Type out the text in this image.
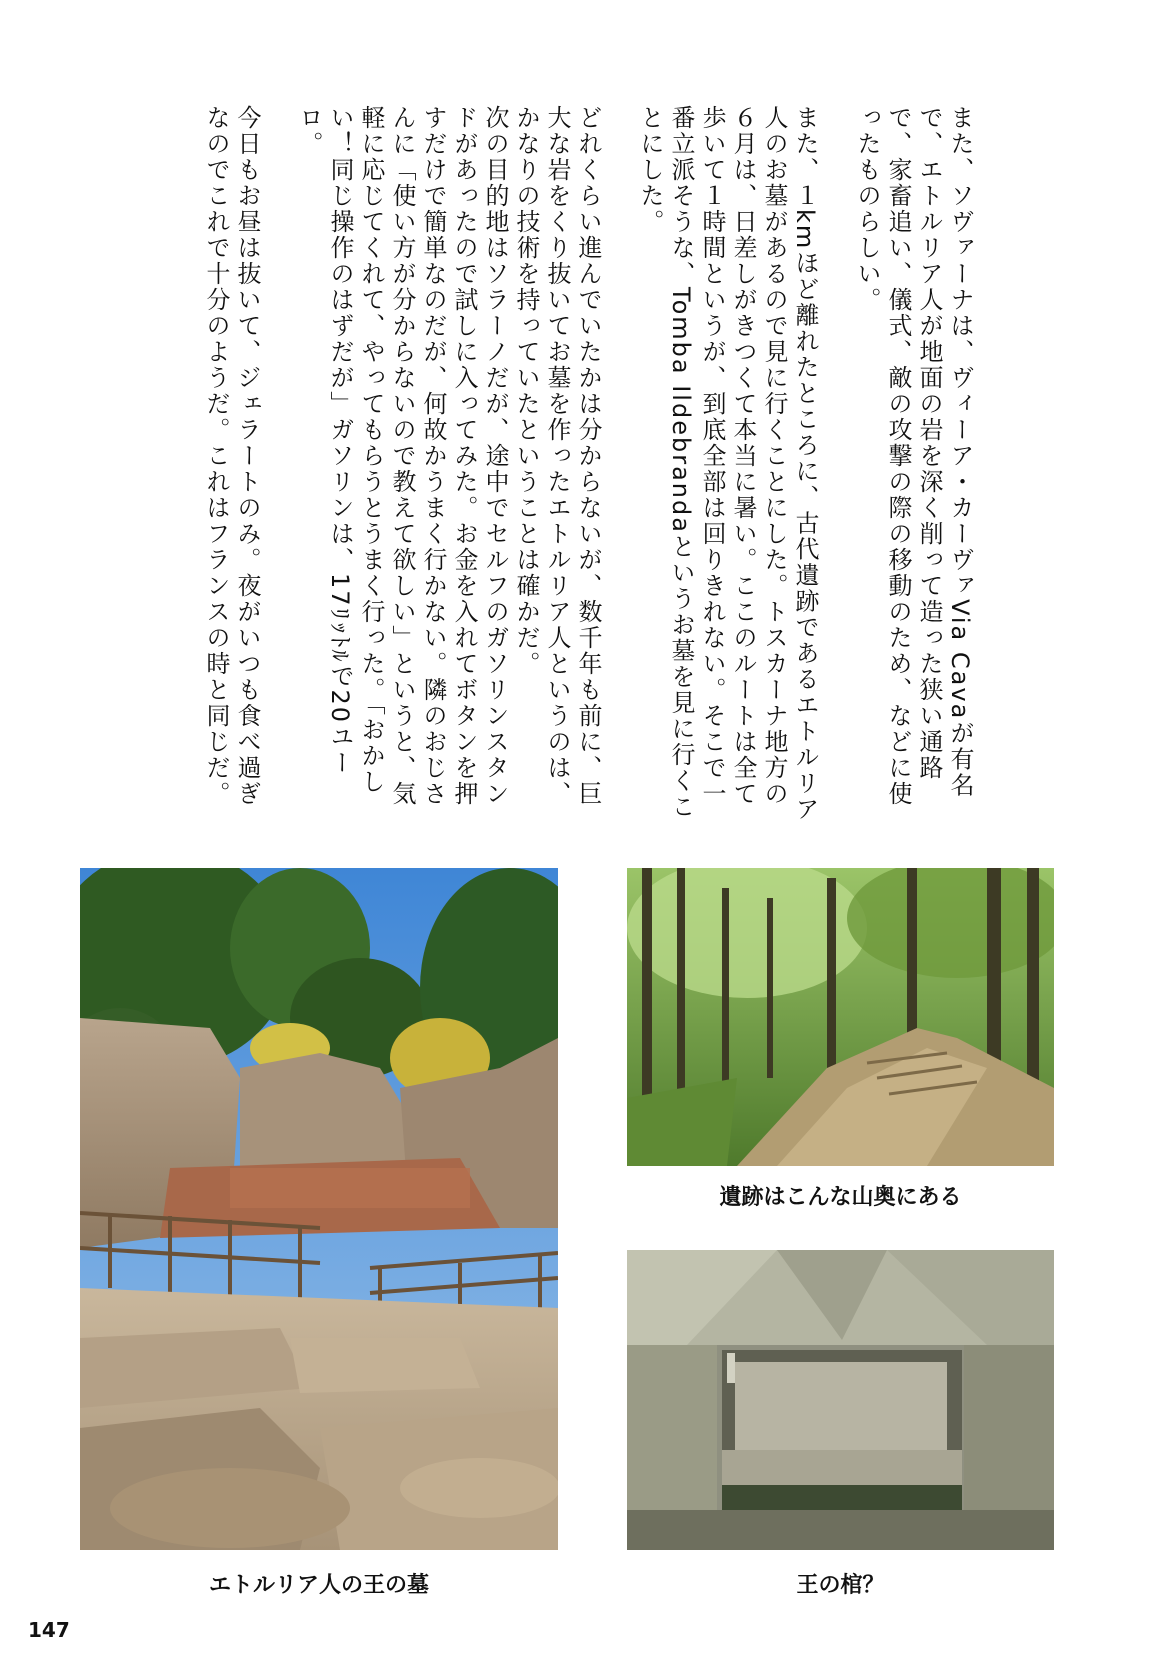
また、ソヴァーナは、ヴィーア・カーヴァVia Cavaが有名で、エトルリア人が地面の岩を深く削って造った狭い通路で、家畜追い、儀式、敵の攻撃の際の移動のため、などに使ったものらしい。

また、１kmほど離れたところに、古代遺跡であるエトルリア人のお墓があるので見に行くことにした。トスカーナ地方の６月は、日差しがきつくて本当に暑い。ここのルートは全て歩いて１時間というが、到底全部は回りきれない。そこで一番立派そうな、Tomba Ildebrandaというお墓を見に行くことにした。

どれくらい進んでいたかは分からないが、数千年も前に、巨大な岩をくり抜いてお墓を作ったエトルリア人というのは、かなりの技術を持っていたということは確かだ。

次の目的地はソラーノだが、途中でセルフのガソリンスタンドがあったので試しに入ってみた。お金を入れてボタンを押すだけで簡単なのだが、何故かうまく行かない。隣のおじさんに「使い方が分からないので教えて欲しい」というと、気軽に応じてくれて、やってもらうとうまく行った。「おかしい！同じ操作のはずだが」ガソリンは、17ﾘｯﾄﾙで20ユーロ。

今日もお昼は抜いて、ジェラートのみ。夜がいつも食べ過ぎなのでこれで十分のようだ。これはフランスの時と同じだ。

遺跡はこんな山奥にある
エトルリア人の王の墓	王の棺？
147
